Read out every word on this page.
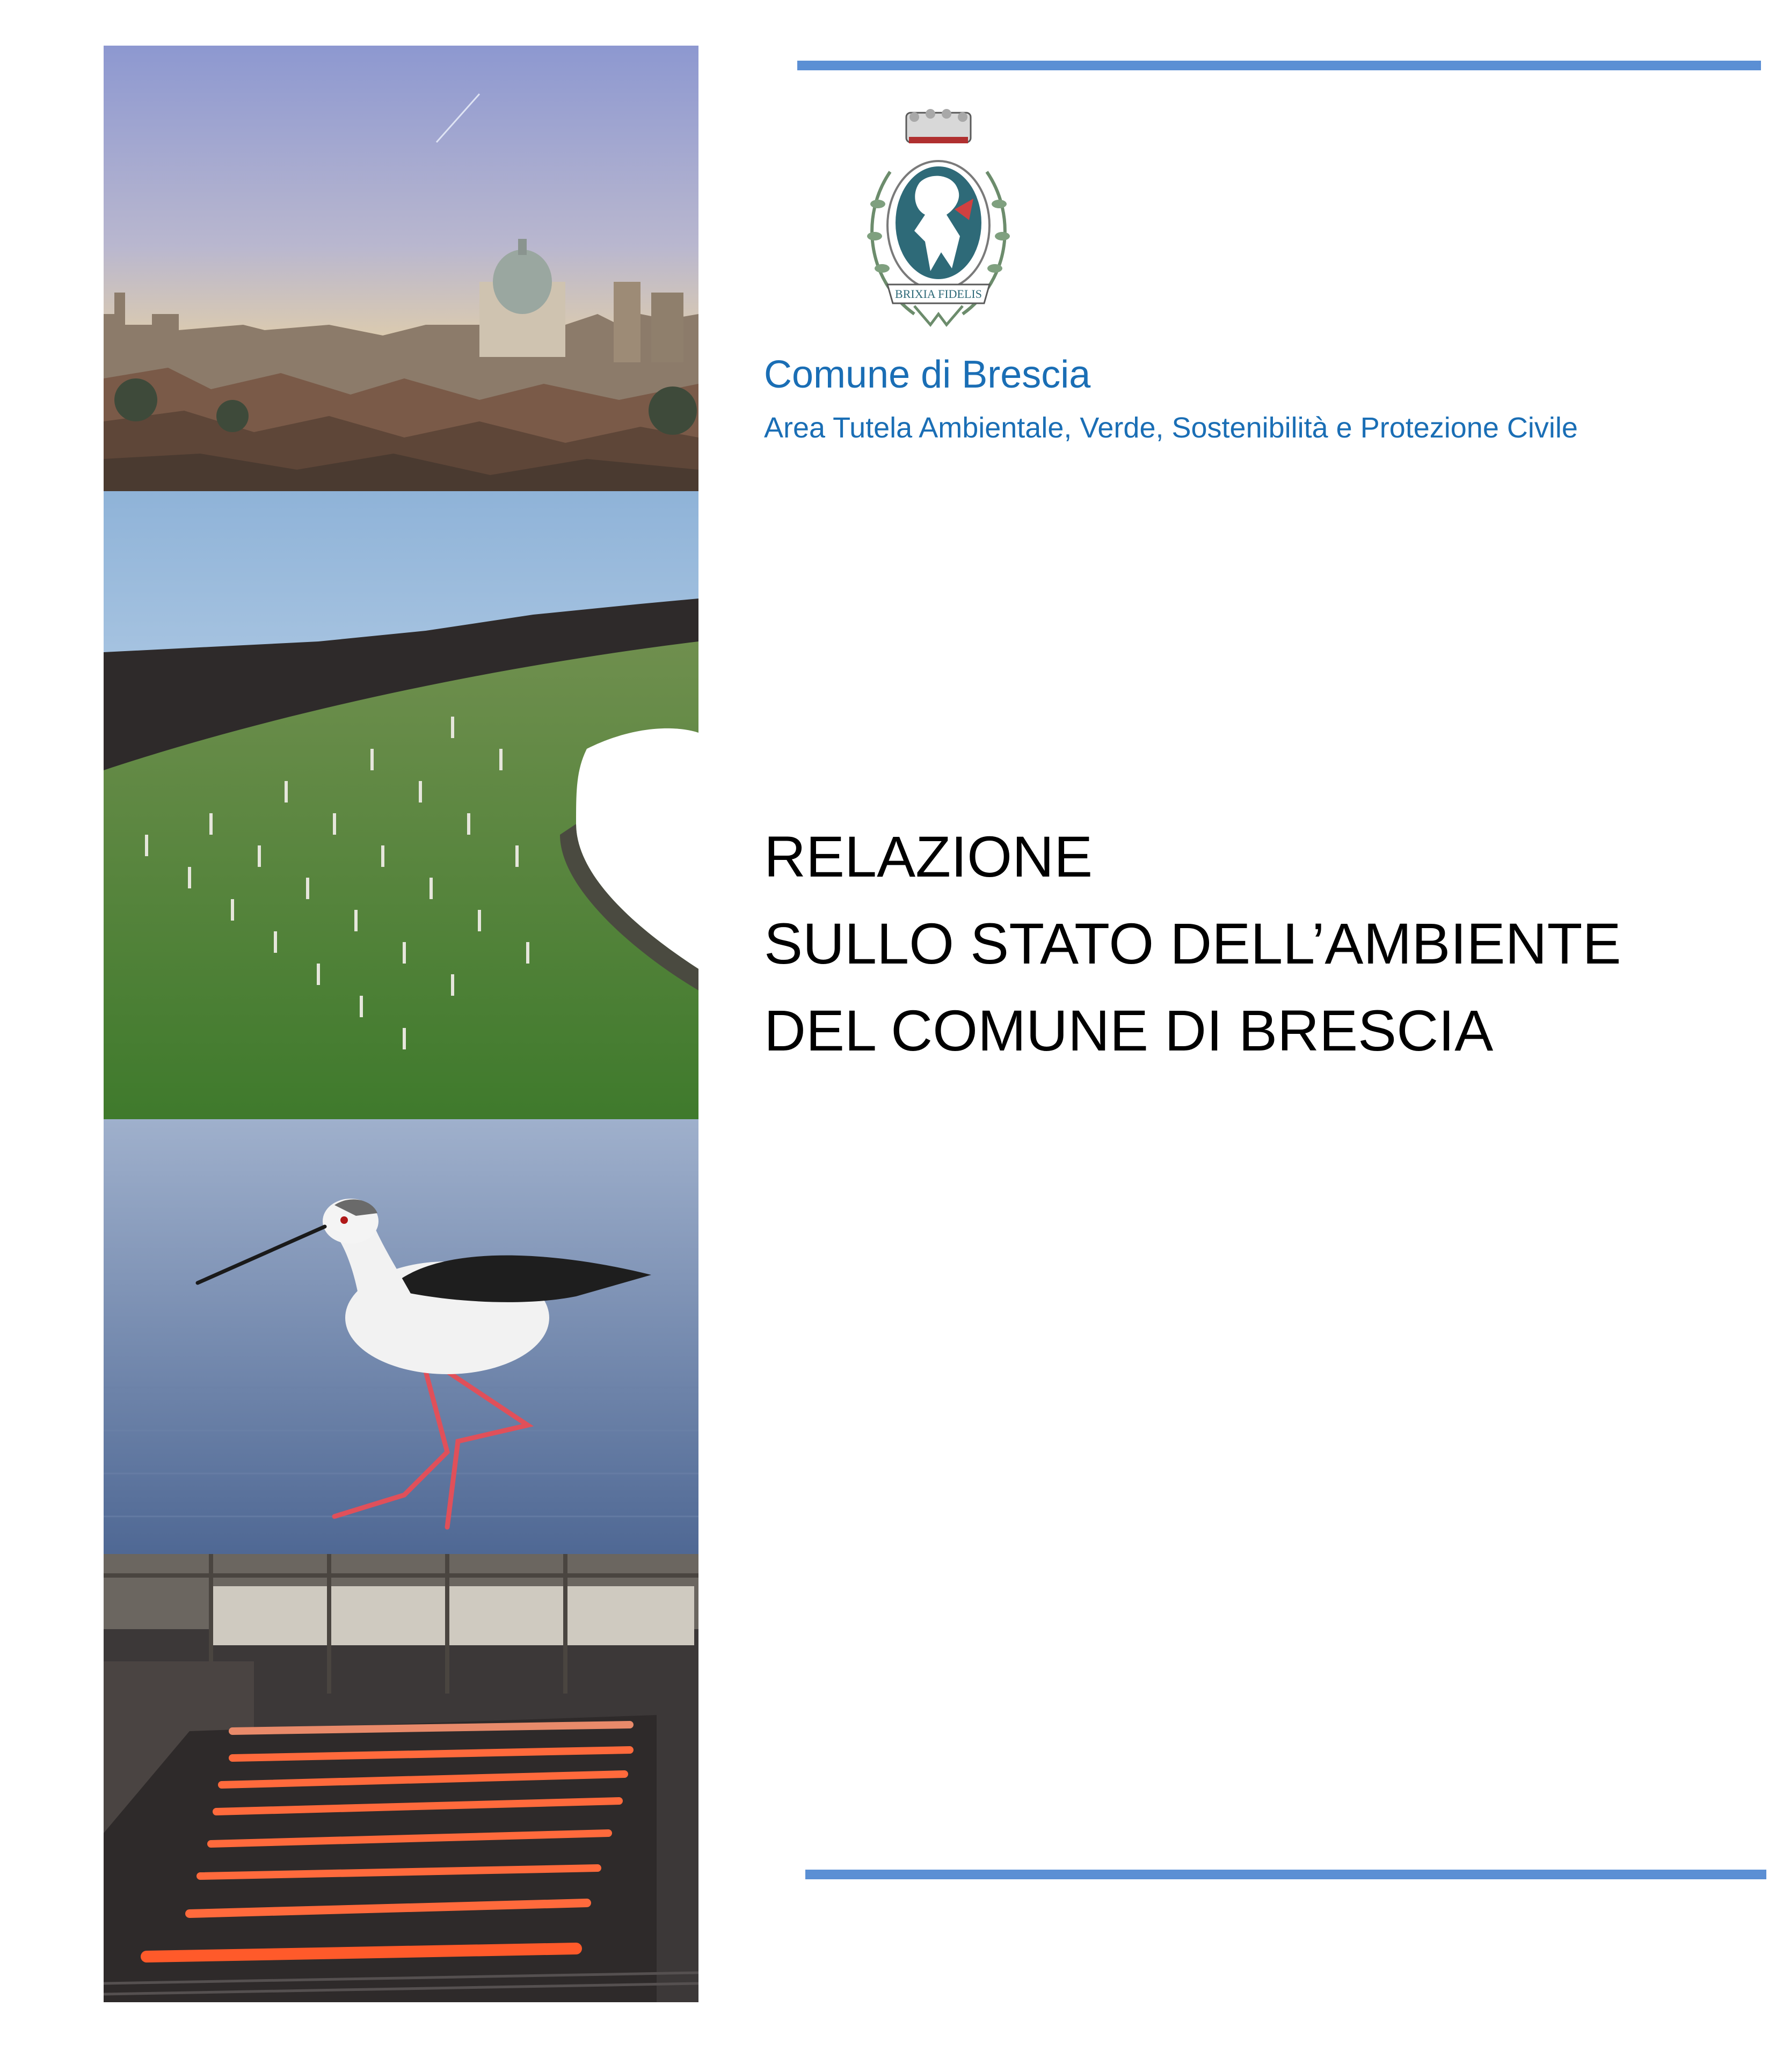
BRIXIA FIDELIS
Comune di Brescia
Area Tutela Ambientale, Verde, Sostenibilità e Protezione Civile
RELAZIONE
SULLO STATO DELL’AMBIENTE
DEL COMUNE DI BRESCIA
